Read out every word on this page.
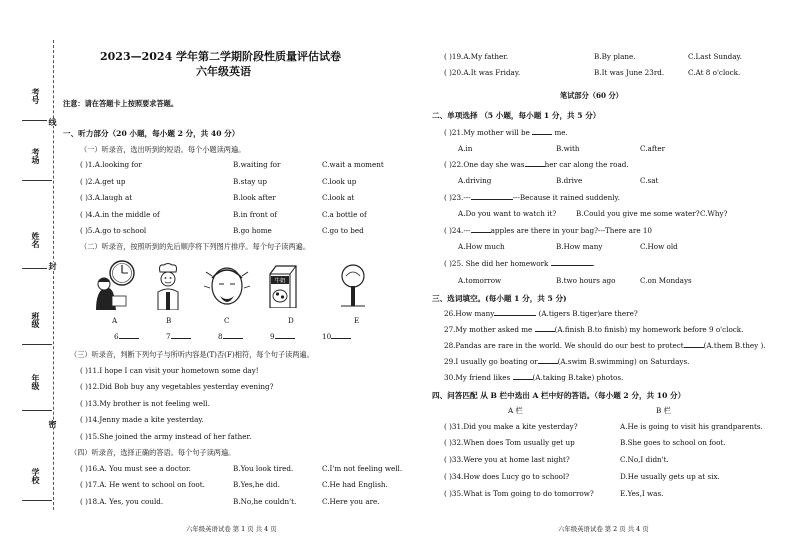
考号
考场
姓名
班级
年级
学校
线
封
密
2023—2024 学年第二学期阶段性质量评估试卷
六年级英语
注意：请在答题卡上按照要求答题。
一、听力部分（20 小题，每小题 2 分，共 40 分）
（一）听录音，选出听到的短语。每个小题读两遍。
( )1.A.looking for	B.waiting for	C.wait a moment
( )2.A.get up	B.stay up	C.look up
( )3.A.laugh at	B.look after	C.look at
( )4.A.in the middle of	B.in front of	C.a bottle of
( )5.A.go to school	B.go home	C.go to bed
（二）听录音，按照听到的先后顺序将下列图片排序。每个句子读两遍。
牛奶
A	B	C	D	E
6	7	8	9	10
（三）听录音，判断下列句子与所听内容是(T)否(F)相符，每个句子读两遍。
( )11.I hope I can visit your hometown some day!
( )12.Did Bob buy any vegetables yesterday evening?
( )13.My brother is not feeling well.
( )14.Jenny made a kite yesterday.
( )15.She joined the army instead of her father.
（四）听录音，选择正确的答语。每个句子读两遍。
( )16.A. You must see a doctor.	B.You look tired.	C.I'm not feeling well.
( )17.A. He went to school on foot.	B.Yes,he did.	C.He had English.
( )18.A. Yes, you could.	B.No,he couldn't.	C.Here you are.
六年级英语试卷 第 1 页 共 4 页
( )19.A.My father.	B.By plane.	C.Last Sunday.
( )20.A.It was Friday.	B.It was June 23rd.	C.At 8 o'clock.
笔试部分（60 分）
二、单项选择 （5 小题，每小题 1 分，共 5 分）
( )21.My mother will be	me.
A.in	B.with	C.after
( )22.One day she was	her car along the road.
A.driving	B.drive	C.sat
( )23.---	---Because it rained suddenly.
A.Do you want to watch it?	B.Could you give me some water? C.Why?
( )24.---	apples are there in your bag?---There are 10
A.How much	B.How many	C.How old
( )25. She did her homework	.
A.tomorrow	B.two hours ago	C.on Mondays
三、选词填空。(每小题 1 分，共 5 分)
26.How many	(A.tigers B.tiger)are there?
27.My mother asked me	(A.finish B.to finish) my homework before 9 o'clock.
28.Pandas are rare in the world. We should do our best to protect	(A.them B.they ).
29.I usually go boating or	(A.swim B.swimming) on Saturdays.
30.My friend likes	(A.taking B.take) photos.
四、问答匹配 从 B 栏中选出 A 栏中好的答语。（每小题 2 分，共 10 分）
A 栏	B 栏
( )31.Did you make a kite yesterday?	A.He is going to visit his grandparents.
( )32.When does Tom usually get up	B.She goes to school on foot.
( )33.Were you at home last night?	C.No,I didn't.
( )34.How does Lucy go to school?	D.He usually gets up at six.
( )35.What is Tom going to do tomorrow?	E.Yes,I was.
六年级英语试卷 第 2 页 共 4 页
